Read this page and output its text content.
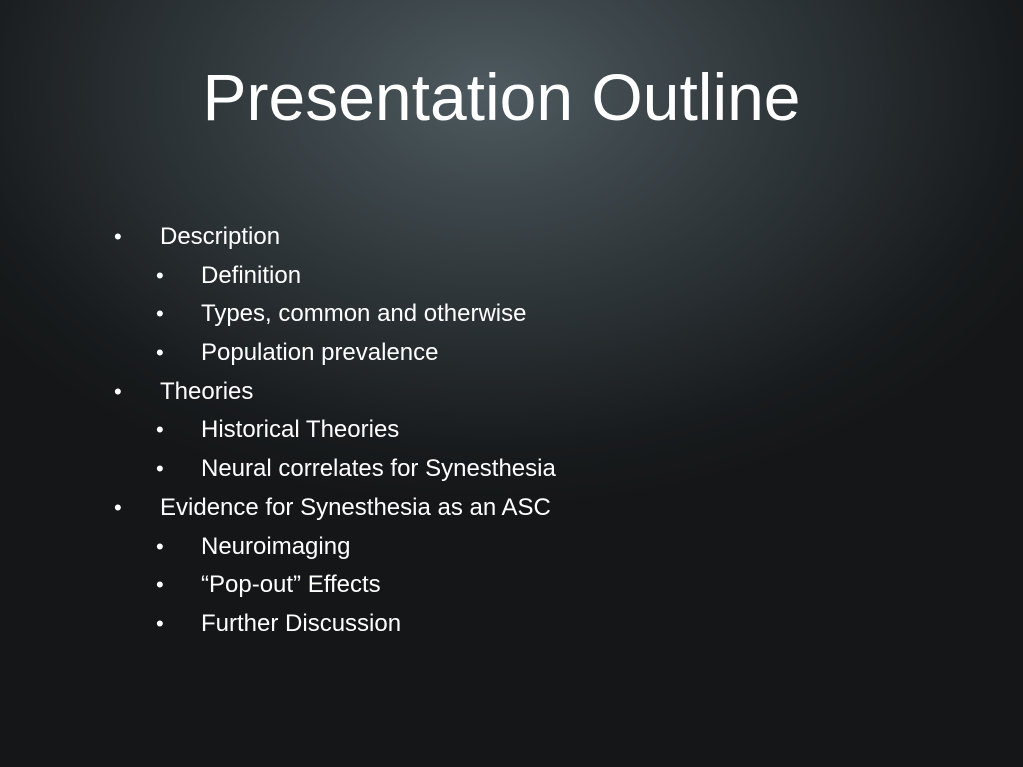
Presentation Outline
• Description
• Definition
• Types, common and otherwise
• Population prevalence
• Theories
• Historical Theories
• Neural correlates for Synesthesia
• Evidence for Synesthesia as an ASC
• Neuroimaging
• “Pop-out” Effects
• Further Discussion
